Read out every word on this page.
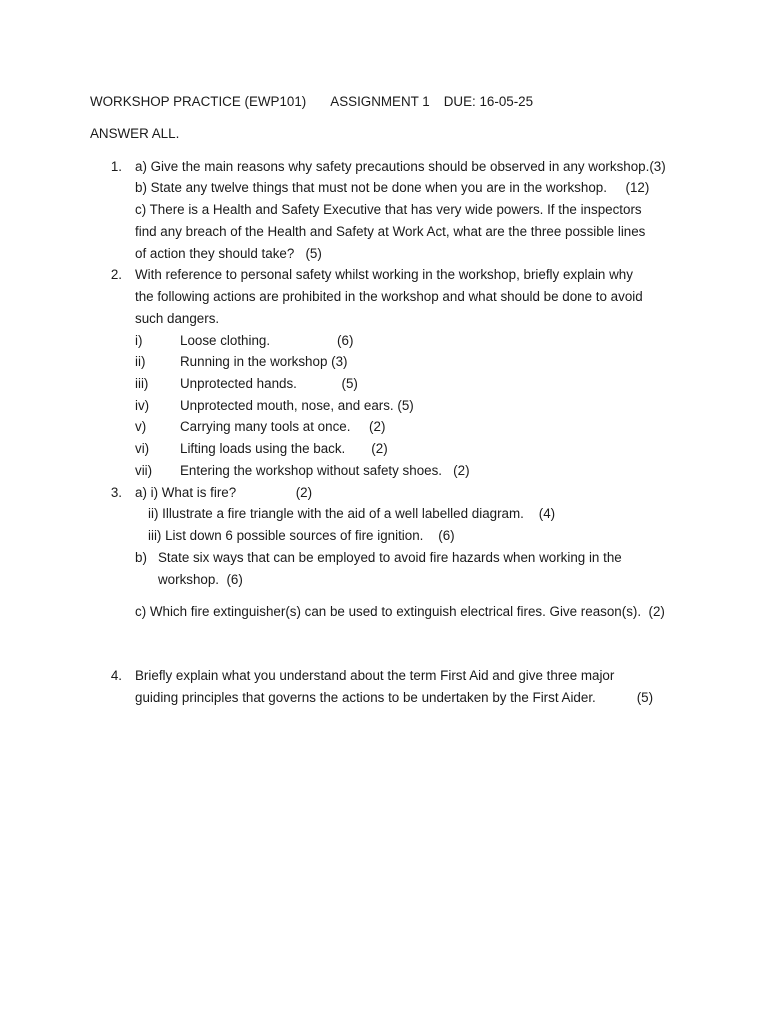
WORKSHOP PRACTICE (EWP101) ASSIGNMENT 1 DUE: 16-05-25
ANSWER ALL.
1. a) Give the main reasons why safety precautions should be observed in any workshop.(3)
b) State any twelve things that must not be done when you are in the workshop.     (12)
c) There is a Health and Safety Executive that has very wide powers. If the inspectors
find any breach of the Health and Safety at Work Act, what are the three possible lines
of action they should take?   (5)
2. With reference to personal safety whilst working in the workshop, briefly explain why
the following actions are prohibited in the workshop and what should be done to avoid
such dangers.
i)	Loose clothing.                  (6)
ii)	Running in the workshop (3)
iii) Unprotected hands.            (5)
iv) Unprotected mouth, nose, and ears. (5)
v)	Carrying many tools at once.     (2)
vi) Lifting loads using the back.       (2)
vii) Entering the workshop without safety shoes.   (2)
3. a) i) What is fire?                (2)
ii) Illustrate a fire triangle with the aid of a well labelled diagram.    (4)
iii) List down 6 possible sources of fire ignition.    (6)
b) State six ways that can be employed to avoid fire hazards when working in the
workshop.  (6)
c) Which fire extinguisher(s) can be used to extinguish electrical fires. Give reason(s).  (2)
4. Briefly explain what you understand about the term First Aid and give three major
guiding principles that governs the actions to be undertaken by the First Aider.           (5)
